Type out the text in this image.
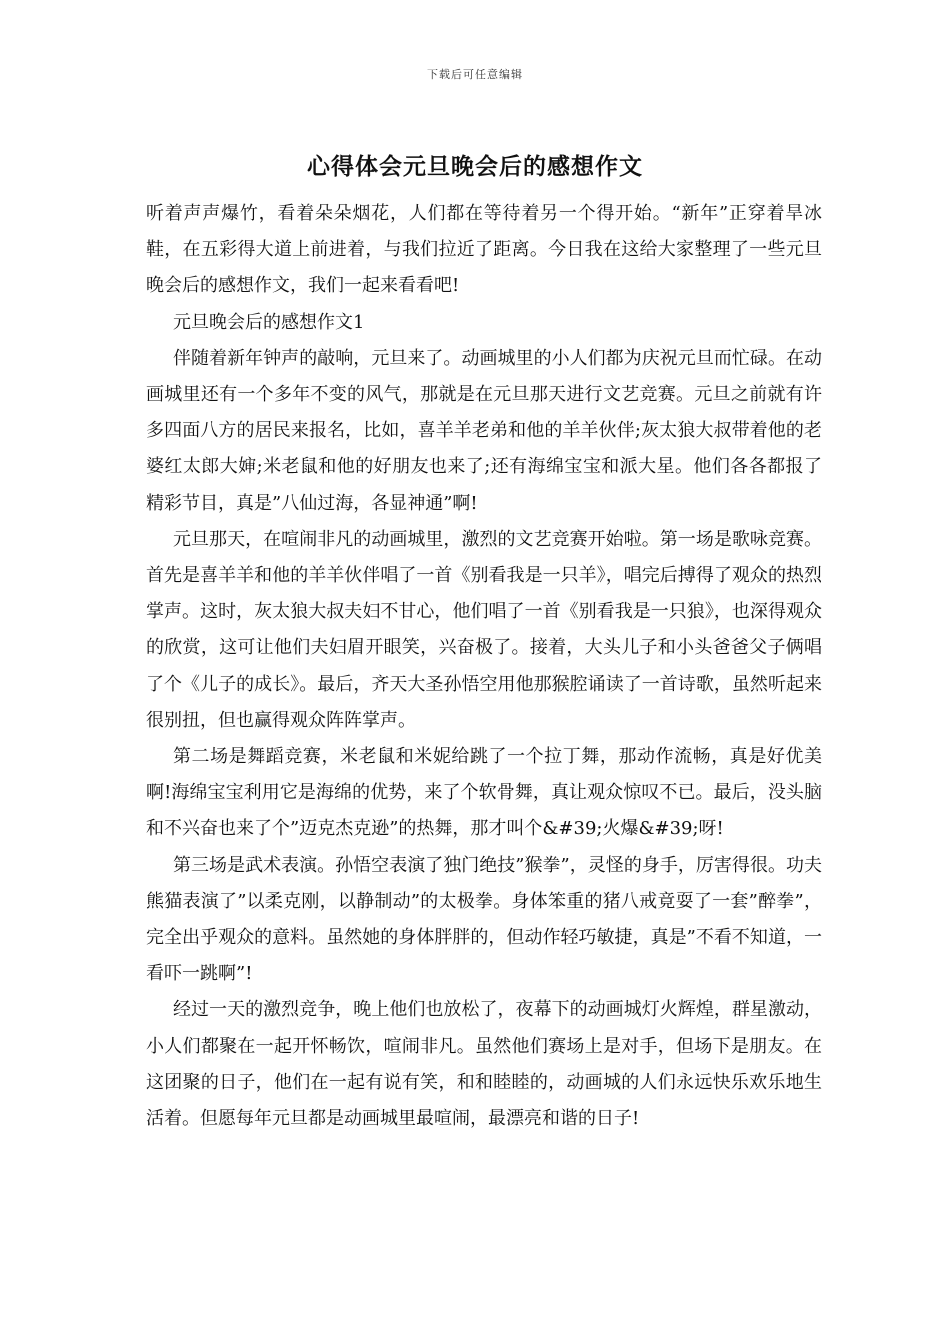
下载后可任意编辑
心得体会元旦晚会后的感想作文

听着声声爆竹，看着朵朵烟花，人们都在等待着另一个得开始。“新年”正穿着旱冰鞋，在五彩得大道上前进着，与我们拉近了距离。今日我在这给大家整理了一些元旦晚会后的感想作文，我们一起来看看吧!

元旦晚会后的感想作文1

伴随着新年钟声的敲响，元旦来了。动画城里的小人们都为庆祝元旦而忙碌。在动画城里还有一个多年不变的风气，那就是在元旦那天进行文艺竞赛。元旦之前就有许多四面八方的居民来报名，比如，喜羊羊老弟和他的羊羊伙伴;灰太狼大叔带着他的老婆红太郎大婶;米老鼠和他的好朋友也来了;还有海绵宝宝和派大星。他们各各都报了精彩节目，真是”八仙过海，各显神通”啊!

元旦那天，在喧闹非凡的动画城里，激烈的文艺竞赛开始啦。第一场是歌咏竞赛。首先是喜羊羊和他的羊羊伙伴唱了一首《别看我是一只羊》，唱完后搏得了观众的热烈掌声。这时，灰太狼大叔夫妇不甘心，他们唱了一首《别看我是一只狼》，也深得观众的欣赏，这可让他们夫妇眉开眼笑，兴奋极了。接着，大头儿子和小头爸爸父子俩唱了个《儿子的成长》。最后，齐天大圣孙悟空用他那猴腔诵读了一首诗歌，虽然听起来很别扭，但也赢得观众阵阵掌声。

第二场是舞蹈竞赛，米老鼠和米妮给跳了一个拉丁舞，那动作流畅，真是好优美啊!海绵宝宝利用它是海绵的优势，来了个软骨舞，真让观众惊叹不已。最后，没头脑和不兴奋也来了个”迈克杰克逊”的热舞，那才叫个&#39;火爆&#39;呀!

第三场是武术表演。孙悟空表演了独门绝技”猴拳”，灵怪的身手，厉害得很。功夫熊猫表演了”以柔克刚，以静制动”的太极拳。身体笨重的猪八戒竟耍了一套”醉拳”，完全出乎观众的意料。虽然她的身体胖胖的，但动作轻巧敏捷，真是”不看不知道，一看吓一跳啊”!

经过一天的激烈竞争，晚上他们也放松了，夜幕下的动画城灯火辉煌，群星激动，小人们都聚在一起开怀畅饮，喧闹非凡。虽然他们赛场上是对手，但场下是朋友。在这团聚的日子，他们在一起有说有笑，和和睦睦的，动画城的人们永远快乐欢乐地生活着。但愿每年元旦都是动画城里最喧闹，最漂亮和谐的日子!
